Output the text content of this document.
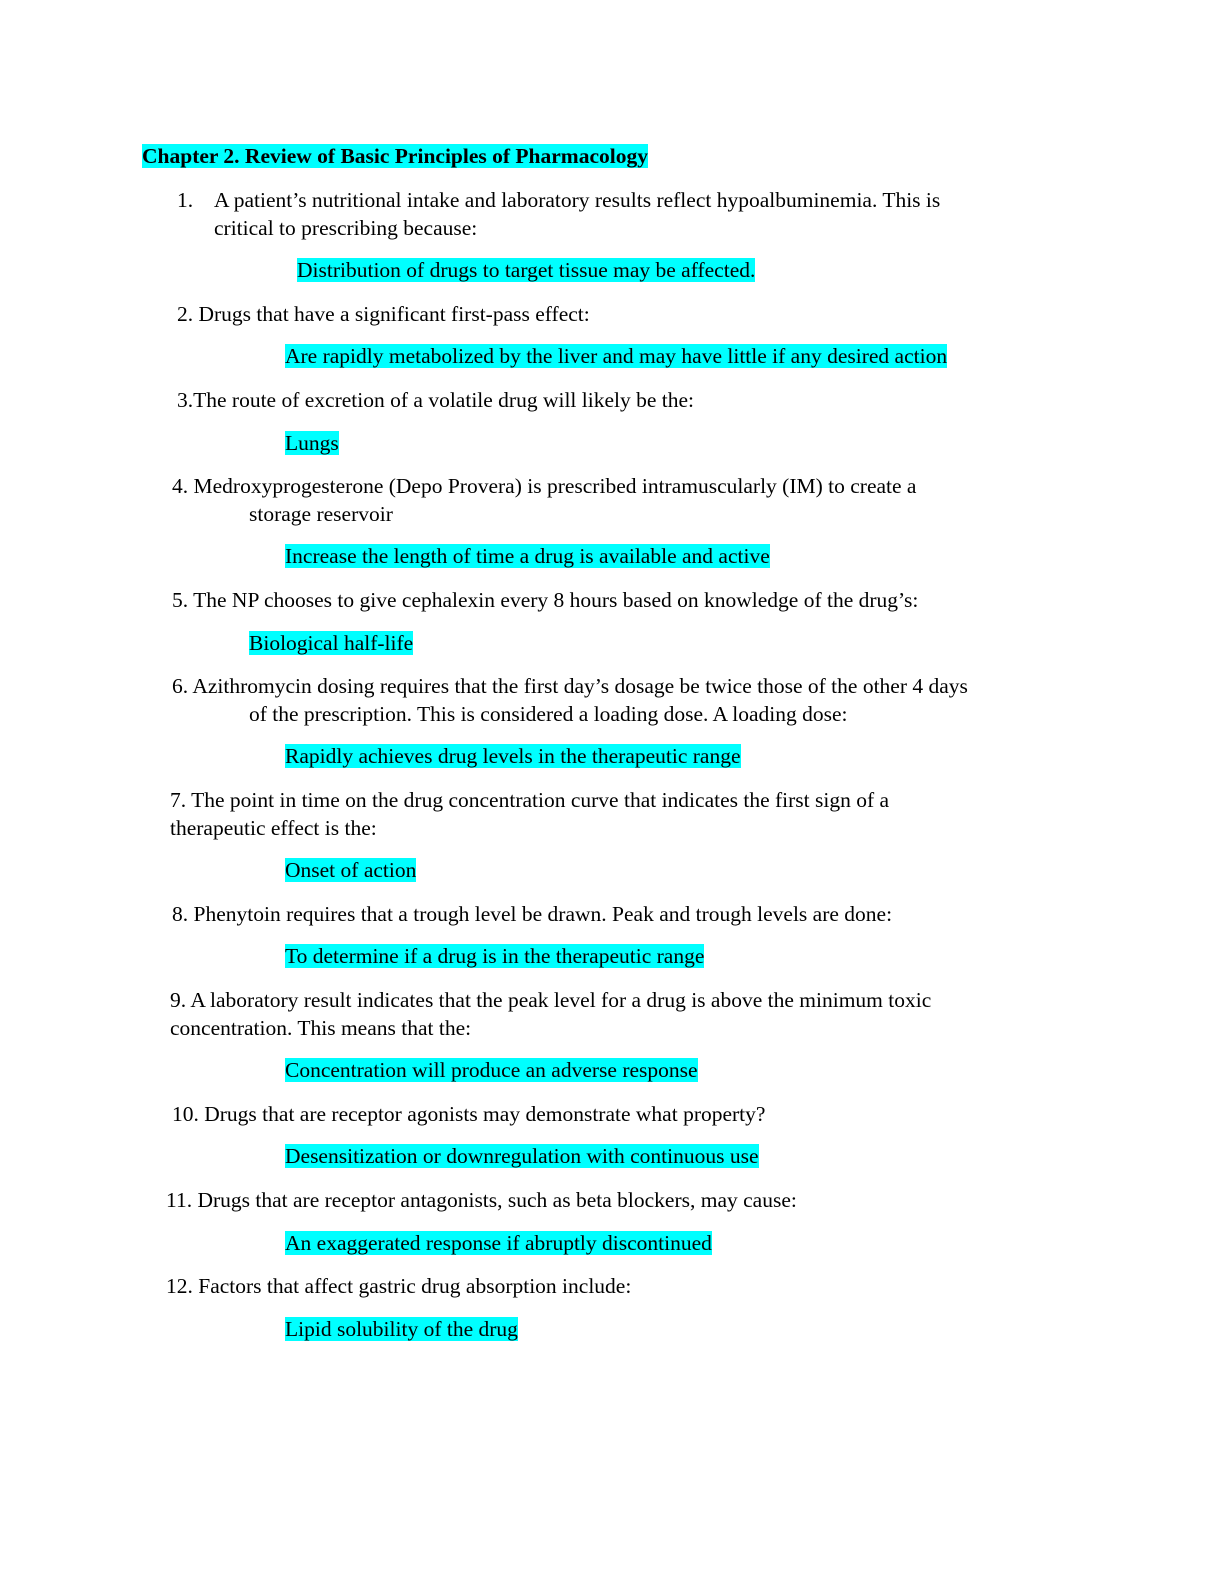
Chapter 2. Review of Basic Principles of Pharmacology
1. A patient’s nutritional intake and laboratory results reflect hypoalbuminemia. This is
critical to prescribing because:
Distribution of drugs to target tissue may be affected.
2. Drugs that have a significant first-pass effect:
Are rapidly metabolized by the liver and may have little if any desired action
3.The route of excretion of a volatile drug will likely be the:
Lungs
4. Medroxyprogesterone (Depo Provera) is prescribed intramuscularly (IM) to create a
storage reservoir
Increase the length of time a drug is available and active
5. The NP chooses to give cephalexin every 8 hours based on knowledge of the drug’s:
Biological half-life
6. Azithromycin dosing requires that the first day’s dosage be twice those of the other 4 days
of the prescription. This is considered a loading dose. A loading dose:
Rapidly achieves drug levels in the therapeutic range
7. The point in time on the drug concentration curve that indicates the first sign of a
therapeutic effect is the:
Onset of action
8. Phenytoin requires that a trough level be drawn. Peak and trough levels are done:
To determine if a drug is in the therapeutic range
9. A laboratory result indicates that the peak level for a drug is above the minimum toxic
concentration. This means that the:
Concentration will produce an adverse response
10. Drugs that are receptor agonists may demonstrate what property?
Desensitization or downregulation with continuous use
11. Drugs that are receptor antagonists, such as beta blockers, may cause:
An exaggerated response if abruptly discontinued
12. Factors that affect gastric drug absorption include:
Lipid solubility of the drug
